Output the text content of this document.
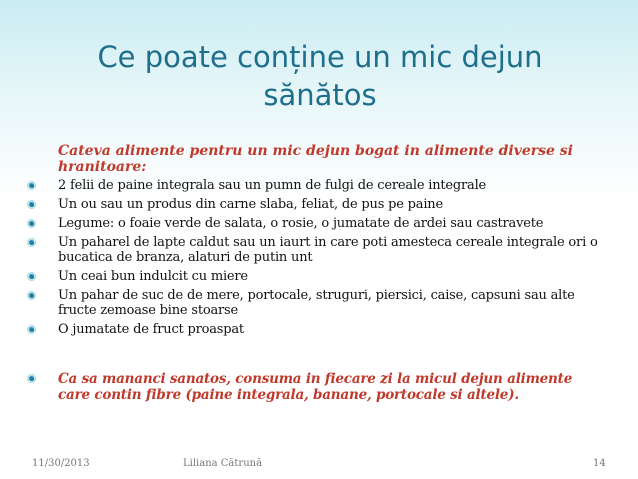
Ce poate conține un mic dejun sănătos
Cateva alimente pentru un mic dejun bogat in alimente diverse si hranitoare:
2 felii de paine integrala sau un pumn de fulgi de cereale integrale
Un ou sau un produs din carne slaba, feliat, de pus pe paine
Legume: o foaie verde de salata, o rosie, o jumatate de ardei sau castravete
Un paharel de lapte caldut sau un iaurt in care poti amesteca cereale integrale ori o bucatica de branza, alaturi de putin unt
Un ceai bun indulcit cu miere
Un pahar de suc de de mere, portocale, struguri, piersici, caise, capsuni sau alte fructe zemoase bine stoarse
O jumatate de fruct proaspat
Ca sa mananci sanatos, consuma in fiecare zi la micul dejun alimente care contin fibre (paine integrala, banane, portocale si altele).
11/30/2013	Liliana Cătrună	14
